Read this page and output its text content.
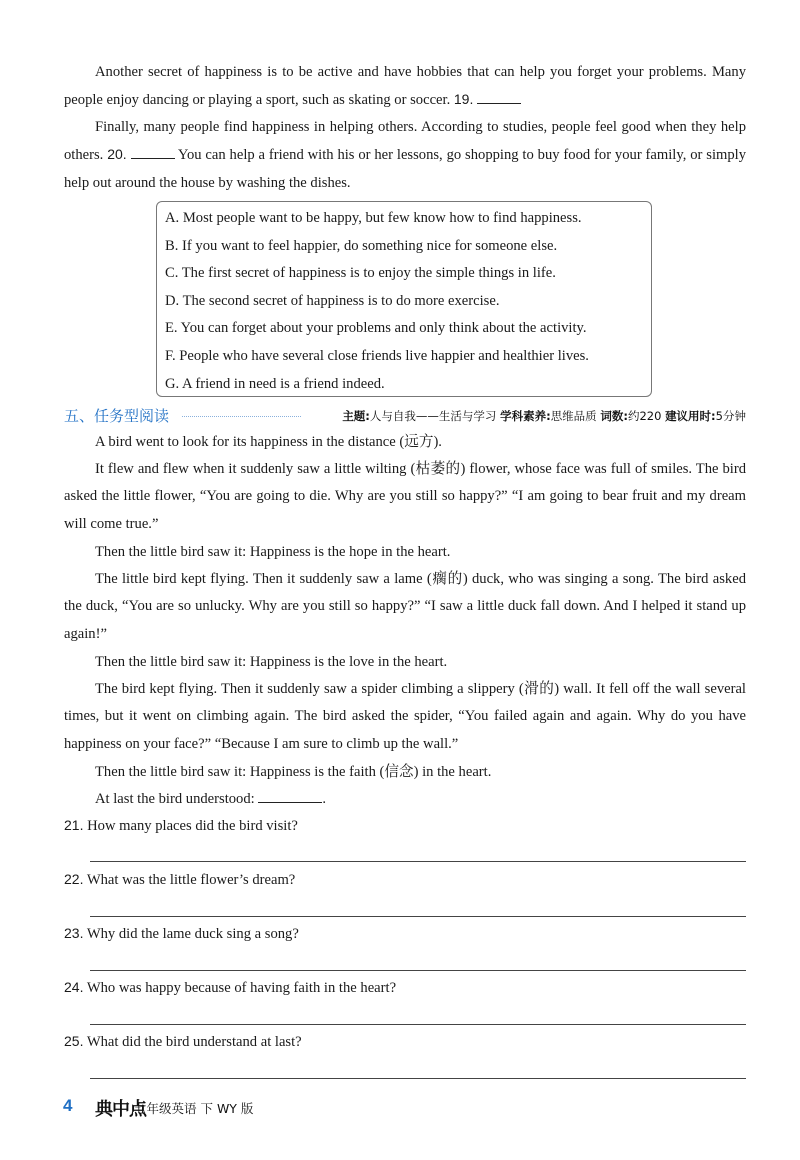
Another secret of happiness is to be active and have hobbies that can help you forget your problems. Many people enjoy dancing or playing a sport, such as skating or soccer. 19.

Finally, many people find happiness in helping others. According to studies, people feel good when they help others. 20.	You can help a friend with his or her lessons, go shopping to buy food for your family, or simply help out around the house by washing the dishes.

A. Most people want to be happy, but few know how to find happiness.
B. If you want to feel happier, do something nice for someone else.
C. The first secret of happiness is to enjoy the simple things in life.
D. The second secret of happiness is to do more exercise.
E. You can forget about your problems and only think about the activity.
F. People who have several close friends live happier and healthier lives.
G. A friend in need is a friend indeed.
五、任务型阅读	主题:人与自我——生活与学习 学科素养:思维品质 词数:约220 建议用时:5分钟

A bird went to look for its happiness in the distance (远方).

It flew and flew when it suddenly saw a little wilting (枯萎的) flower, whose face was full of smiles. The bird asked the little flower, “You are going to die. Why are you still so happy?” “I am going to bear fruit and my dream will come true.”

Then the little bird saw it: Happiness is the hope in the heart.

The little bird kept flying. Then it suddenly saw a lame (瘸的) duck, who was singing a song. The bird asked the duck, “You are so unlucky. Why are you still so happy?” “I saw a little duck fall down. And I helped it stand up again!”

Then the little bird saw it: Happiness is the love in the heart.

The bird kept flying. Then it suddenly saw a spider climbing a slippery (滑的) wall. It fell off the wall several times, but it went on climbing again. The bird asked the spider, “You failed again and again. Why do you have happiness on your face?” “Because I am sure to climb up the wall.”

Then the little bird saw it: Happiness is the faith (信念) in the heart.

At last the bird understood:	.

21. How many places did the bird visit?
22. What was the little flower’s dream?
23. Why did the lame duck sing a song?
24. Who was happy because of having faith in the heart?
25. What did the bird understand at last?
4 典中点
七年级英语 下 WY 版
